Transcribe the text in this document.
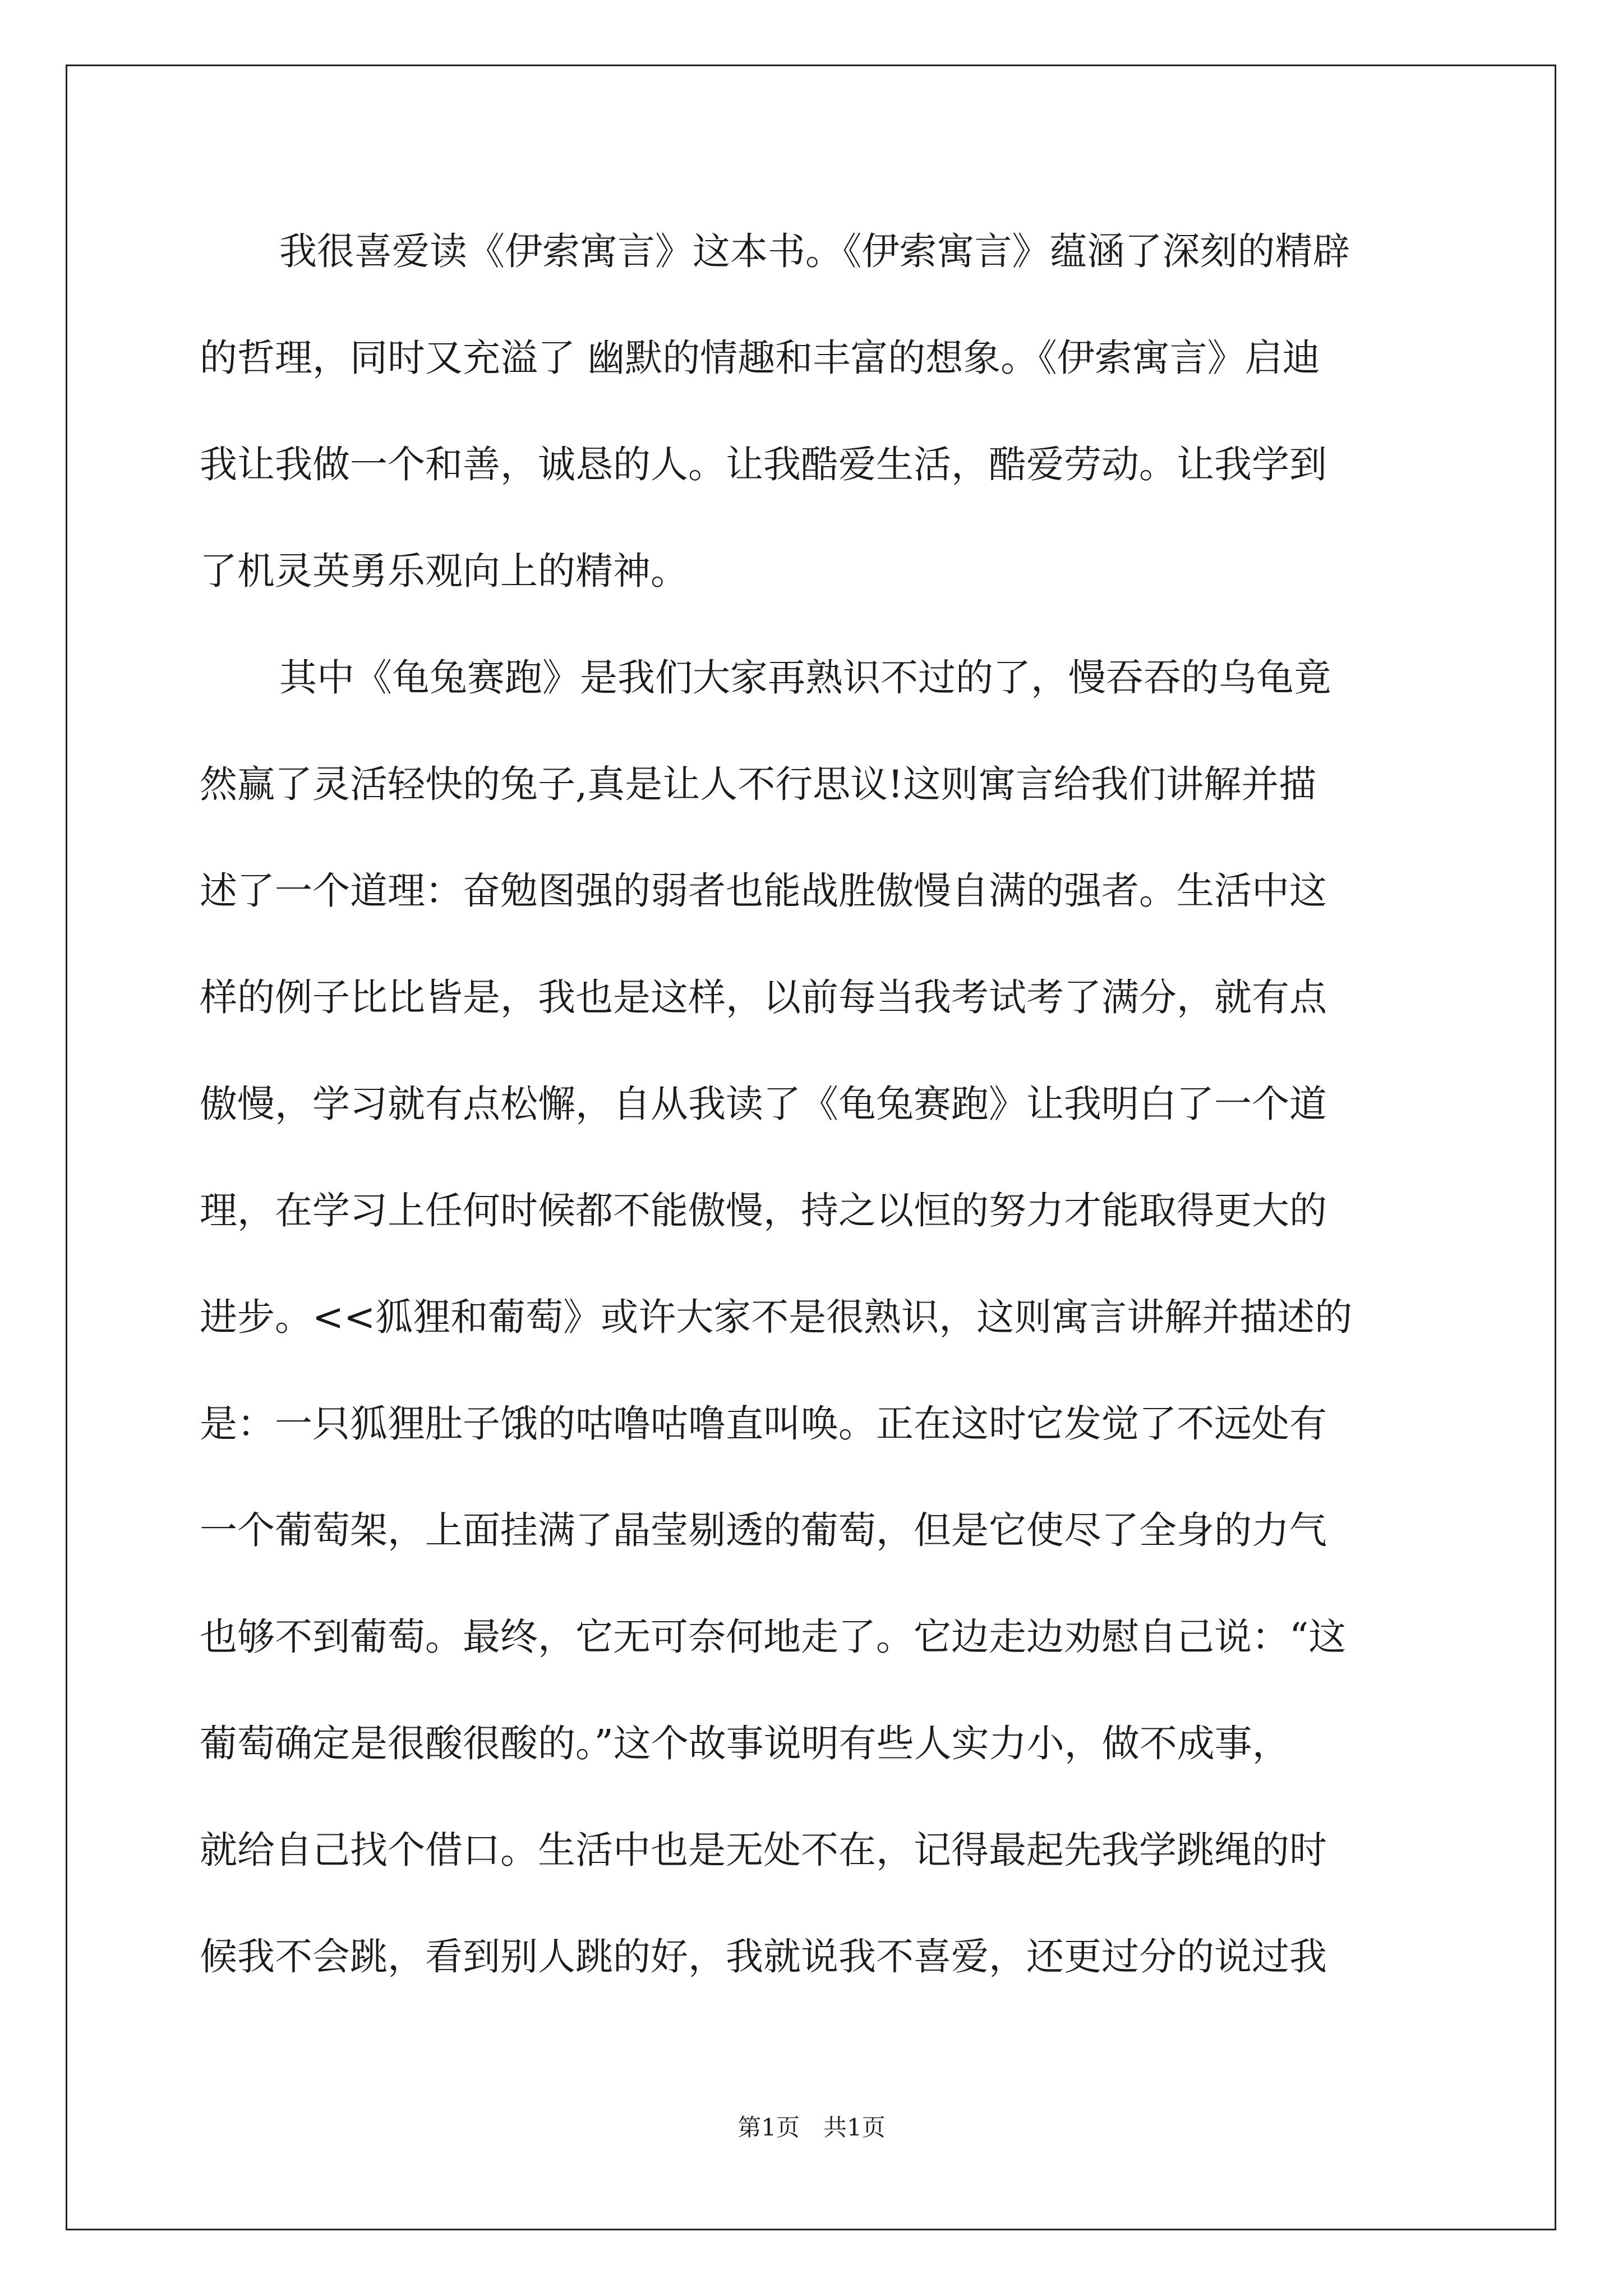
我很喜爱读《伊索寓言》这本书。《伊索寓言》蕴涵了深刻的精辟
的哲理，同时又充溢了 幽默的情趣和丰富的想象。《伊索寓言》启迪
我让我做一个和善，诚恳的人。让我酷爱生活，酷爱劳动。让我学到
了机灵英勇乐观向上的精神。
其中《龟兔赛跑》是我们大家再熟识不过的了，慢吞吞的乌龟竟
然赢了灵活轻快的兔子,真是让人不行思议!这则寓言给我们讲解并描
述了一个道理：奋勉图强的弱者也能战胜傲慢自满的强者。生活中这
样的例子比比皆是，我也是这样，以前每当我考试考了满分，就有点
傲慢，学习就有点松懈，自从我读了《龟兔赛跑》让我明白了一个道
理，在学习上任何时候都不能傲慢，持之以恒的努力才能取得更大的
进步。<<狐狸和葡萄》或许大家不是很熟识，这则寓言讲解并描述的
是：一只狐狸肚子饿的咕噜咕噜直叫唤。正在这时它发觉了不远处有
一个葡萄架，上面挂满了晶莹剔透的葡萄，但是它使尽了全身的力气
也够不到葡萄。最终，它无可奈何地走了。它边走边劝慰自己说：“这
葡萄确定是很酸很酸的。”这个故事说明有些人实力小，做不成事，
就给自己找个借口。生活中也是无处不在，记得最起先我学跳绳的时
候我不会跳，看到别人跳的好，我就说我不喜爱，还更过分的说过我
第1页　共1页
